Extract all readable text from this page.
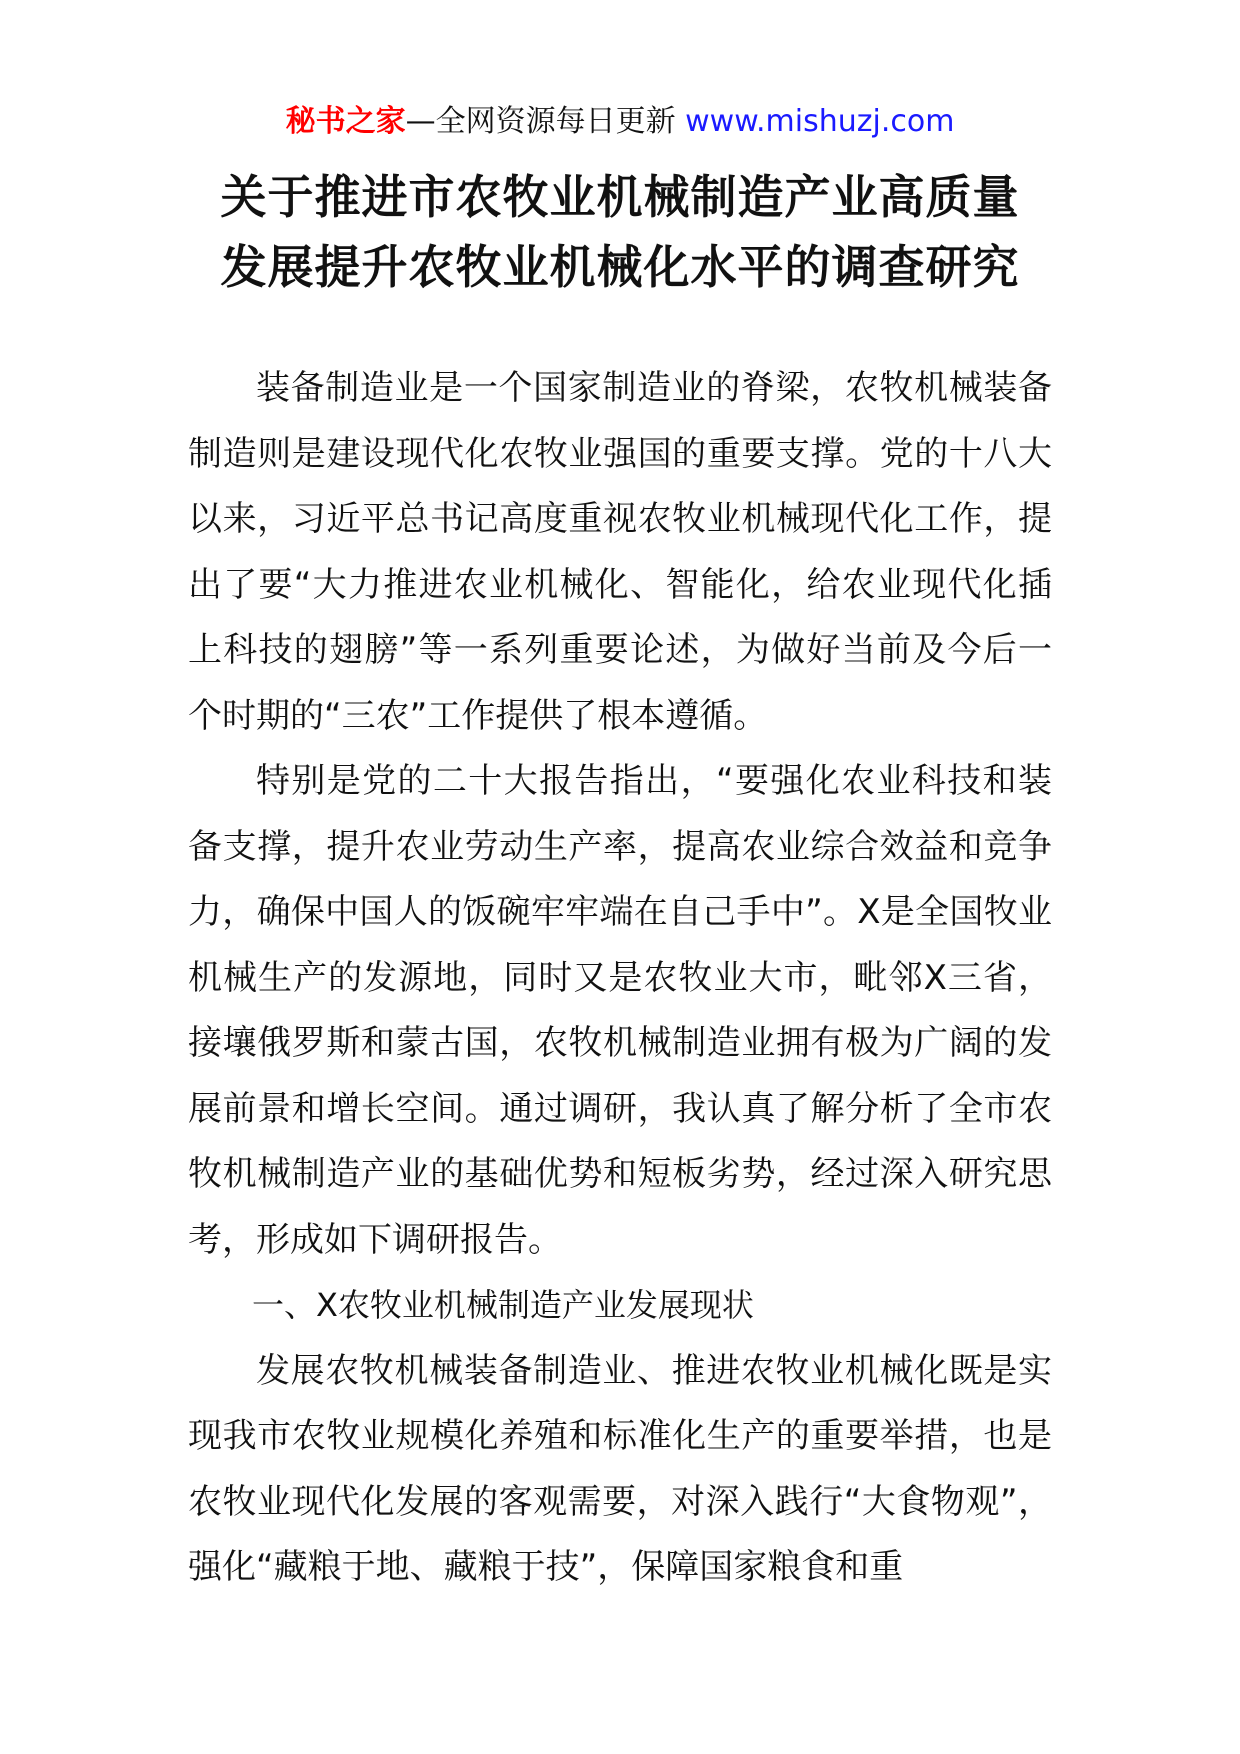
秘书之家—全网资源每日更新 www.mishuzj.com
关于推进市农牧业机械制造产业高质量
发展提升农牧业机械化水平的调查研究

装备制造业是一个国家制造业的脊梁，农牧机械装备制造则是建设现代化农牧业强国的重要支撑。党的十八大以来，习近平总书记高度重视农牧业机械现代化工作，提出了要“大力推进农业机械化、智能化，给农业现代化插上科技的翅膀”等一系列重要论述，为做好当前及今后一个时期的“三农”工作提供了根本遵循。

特别是党的二十大报告指出，“要强化农业科技和装备支撑，提升农业劳动生产率，提高农业综合效益和竞争力，确保中国人的饭碗牢牢端在自己手中”。X是全国牧业机械生产的发源地，同时又是农牧业大市，毗邻X三省，接壤俄罗斯和蒙古国，农牧机械制造业拥有极为广阔的发展前景和增长空间。通过调研，我认真了解分析了全市农牧机械制造产业的基础优势和短板劣势，经过深入研究思考，形成如下调研报告。

一、X农牧业机械制造产业发展现状

发展农牧机械装备制造业、推进农牧业机械化既是实现我市农牧业规模化养殖和标准化生产的重要举措，也是农牧业现代化发展的客观需要，对深入践行“大食物观”，强化“藏粮于地、藏粮于技”，保障国家粮食和重
